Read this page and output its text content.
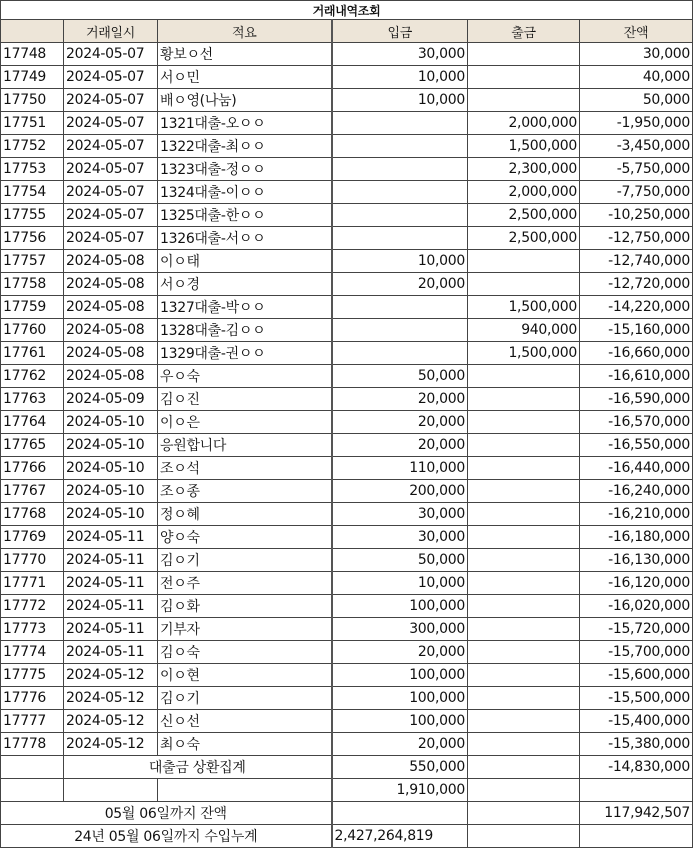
거래내역조회					
	거래일시	적요	입금	출금	잔액
17748	2024-05-07	황보ㅇ선	30,000		30,000
17749	2024-05-07	서ㅇ민	10,000		40,000
17750	2024-05-07	배ㅇ영(나눔)	10,000		50,000
17751	2024-05-07	1321대출-오ㅇㅇ		2,000,000	-1,950,000
17752	2024-05-07	1322대출-최ㅇㅇ		1,500,000	-3,450,000
17753	2024-05-07	1323대출-정ㅇㅇ		2,300,000	-5,750,000
17754	2024-05-07	1324대출-이ㅇㅇ		2,000,000	-7,750,000
17755	2024-05-07	1325대출-한ㅇㅇ		2,500,000	-10,250,000
17756	2024-05-07	1326대출-서ㅇㅇ		2,500,000	-12,750,000
17757	2024-05-08	이ㅇ태	10,000		-12,740,000
17758	2024-05-08	서ㅇ경	20,000		-12,720,000
17759	2024-05-08	1327대출-박ㅇㅇ		1,500,000	-14,220,000
17760	2024-05-08	1328대출-김ㅇㅇ		940,000	-15,160,000
17761	2024-05-08	1329대출-권ㅇㅇ		1,500,000	-16,660,000
17762	2024-05-08	우ㅇ숙	50,000		-16,610,000
17763	2024-05-09	김ㅇ진	20,000		-16,590,000
17764	2024-05-10	이ㅇ은	20,000		-16,570,000
17765	2024-05-10	응원합니다	20,000		-16,550,000
17766	2024-05-10	조ㅇ석	110,000		-16,440,000
17767	2024-05-10	조ㅇ종	200,000		-16,240,000
17768	2024-05-10	정ㅇ혜	30,000		-16,210,000
17769	2024-05-11	양ㅇ숙	30,000		-16,180,000
17770	2024-05-11	김ㅇ기	50,000		-16,130,000
17771	2024-05-11	전ㅇ주	10,000		-16,120,000
17772	2024-05-11	김ㅇ화	100,000		-16,020,000
17773	2024-05-11	기부자	300,000		-15,720,000
17774	2024-05-11	김ㅇ숙	20,000		-15,700,000
17775	2024-05-12	이ㅇ현	100,000		-15,600,000
17776	2024-05-12	김ㅇ기	100,000		-15,500,000
17777	2024-05-12	신ㅇ선	100,000		-15,400,000
17778	2024-05-12	최ㅇ숙	20,000		-15,380,000
	대출금 상환집계		550,000		-14,830,000
			1,910,000		
05월 06일까지 잔액					117,942,507
24년 05월 06일까지 수입누계			2,427,264,819		
